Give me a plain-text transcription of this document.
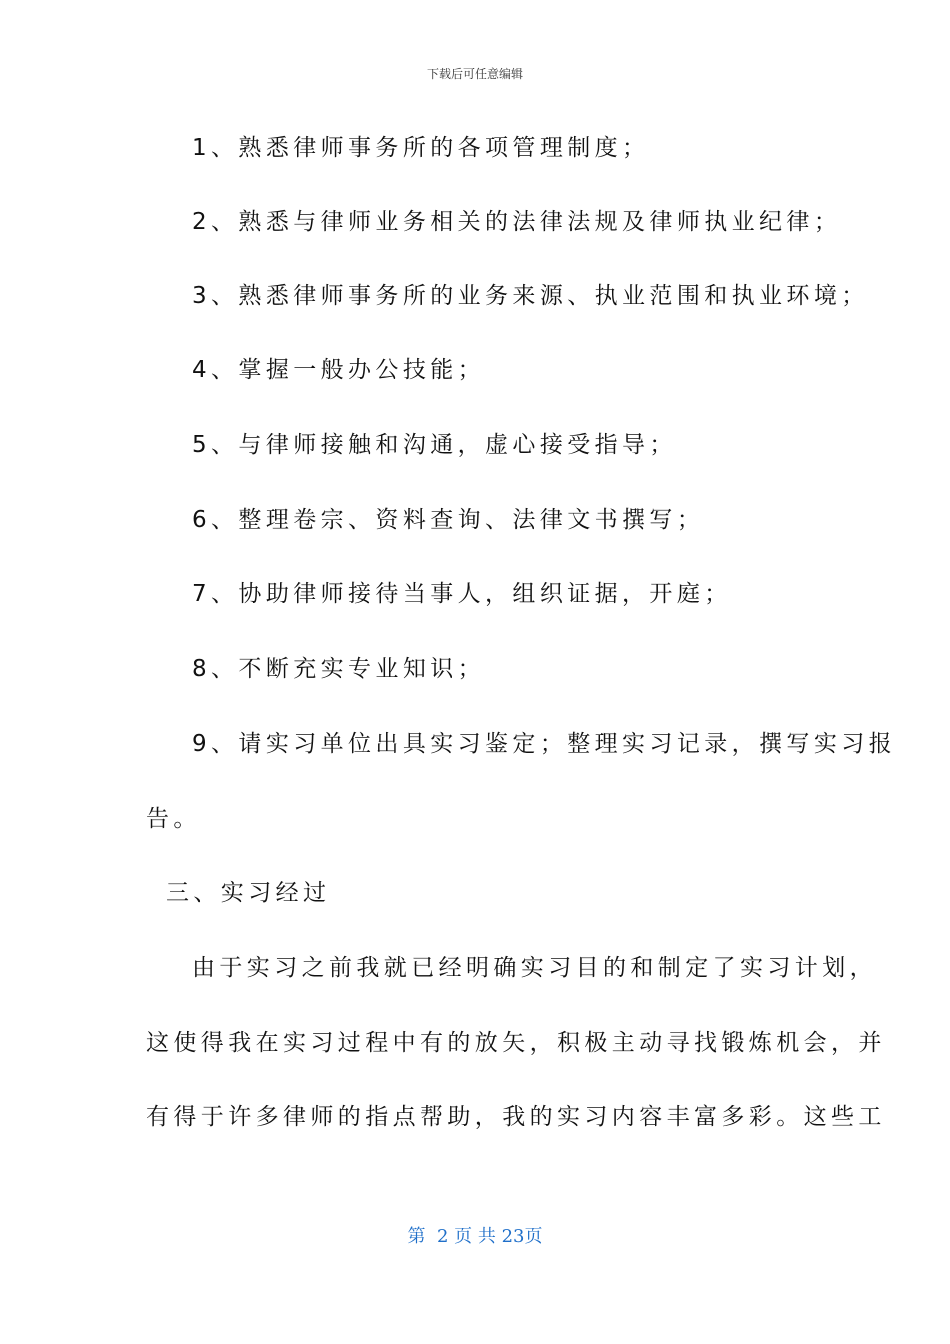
下载后可任意编辑
1、熟悉律师事务所的各项管理制度；
2、熟悉与律师业务相关的法律法规及律师执业纪律；
3、熟悉律师事务所的业务来源、执业范围和执业环境；
4、掌握一般办公技能；
5、与律师接触和沟通，虚心接受指导；
6、整理卷宗、资料查询、法律文书撰写；
7、协助律师接待当事人，组织证据，开庭；
8、不断充实专业知识；
9、请实习单位出具实习鉴定；整理实习记录，撰写实习报
告。
三、实习经过
由于实习之前我就已经明确实习目的和制定了实习计划，
这使得我在实习过程中有的放矢，积极主动寻找锻炼机会，并
有得于许多律师的指点帮助，我的实习内容丰富多彩。这些工
第  2 页 共 23页
